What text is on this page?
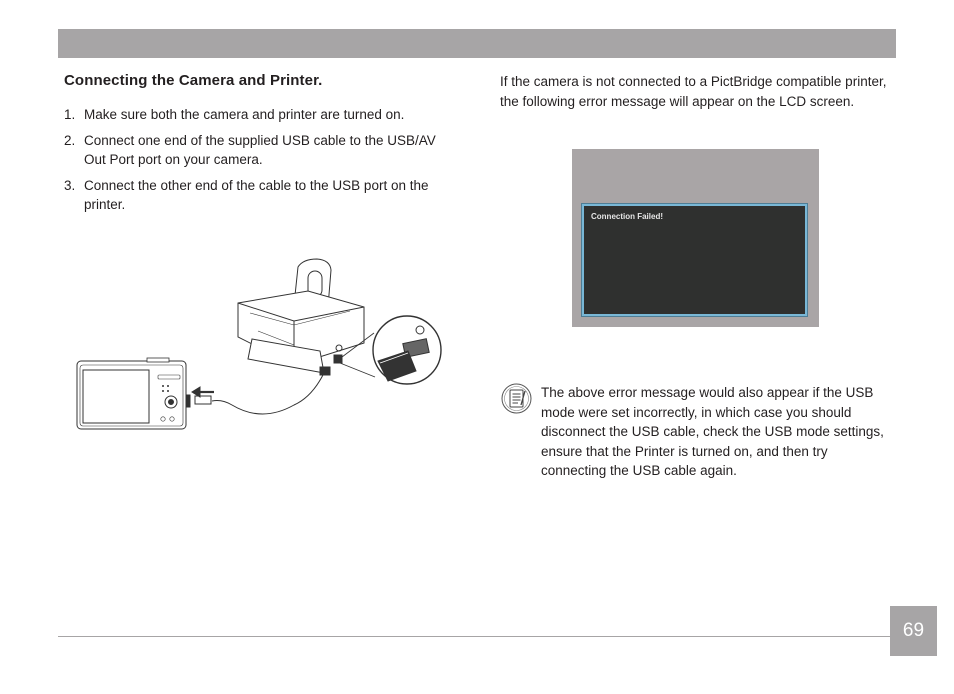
Connecting the Camera and Printer.
1. Make sure both the camera and printer are turned on.
2. Connect one end of the supplied USB cable to the USB/AV Out Port port on your camera.
3. Connect the other end of the cable to the USB port on the printer.

If the camera is not connected to a PictBridge compatible printer, the following error message will appear on the LCD screen.

Connection Failed!

The above error message would also appear if the USB mode were set incorrectly, in which case you should disconnect the USB cable, check the USB mode settings, ensure that the Printer is turned on, and then try connecting the USB cable again.

69
